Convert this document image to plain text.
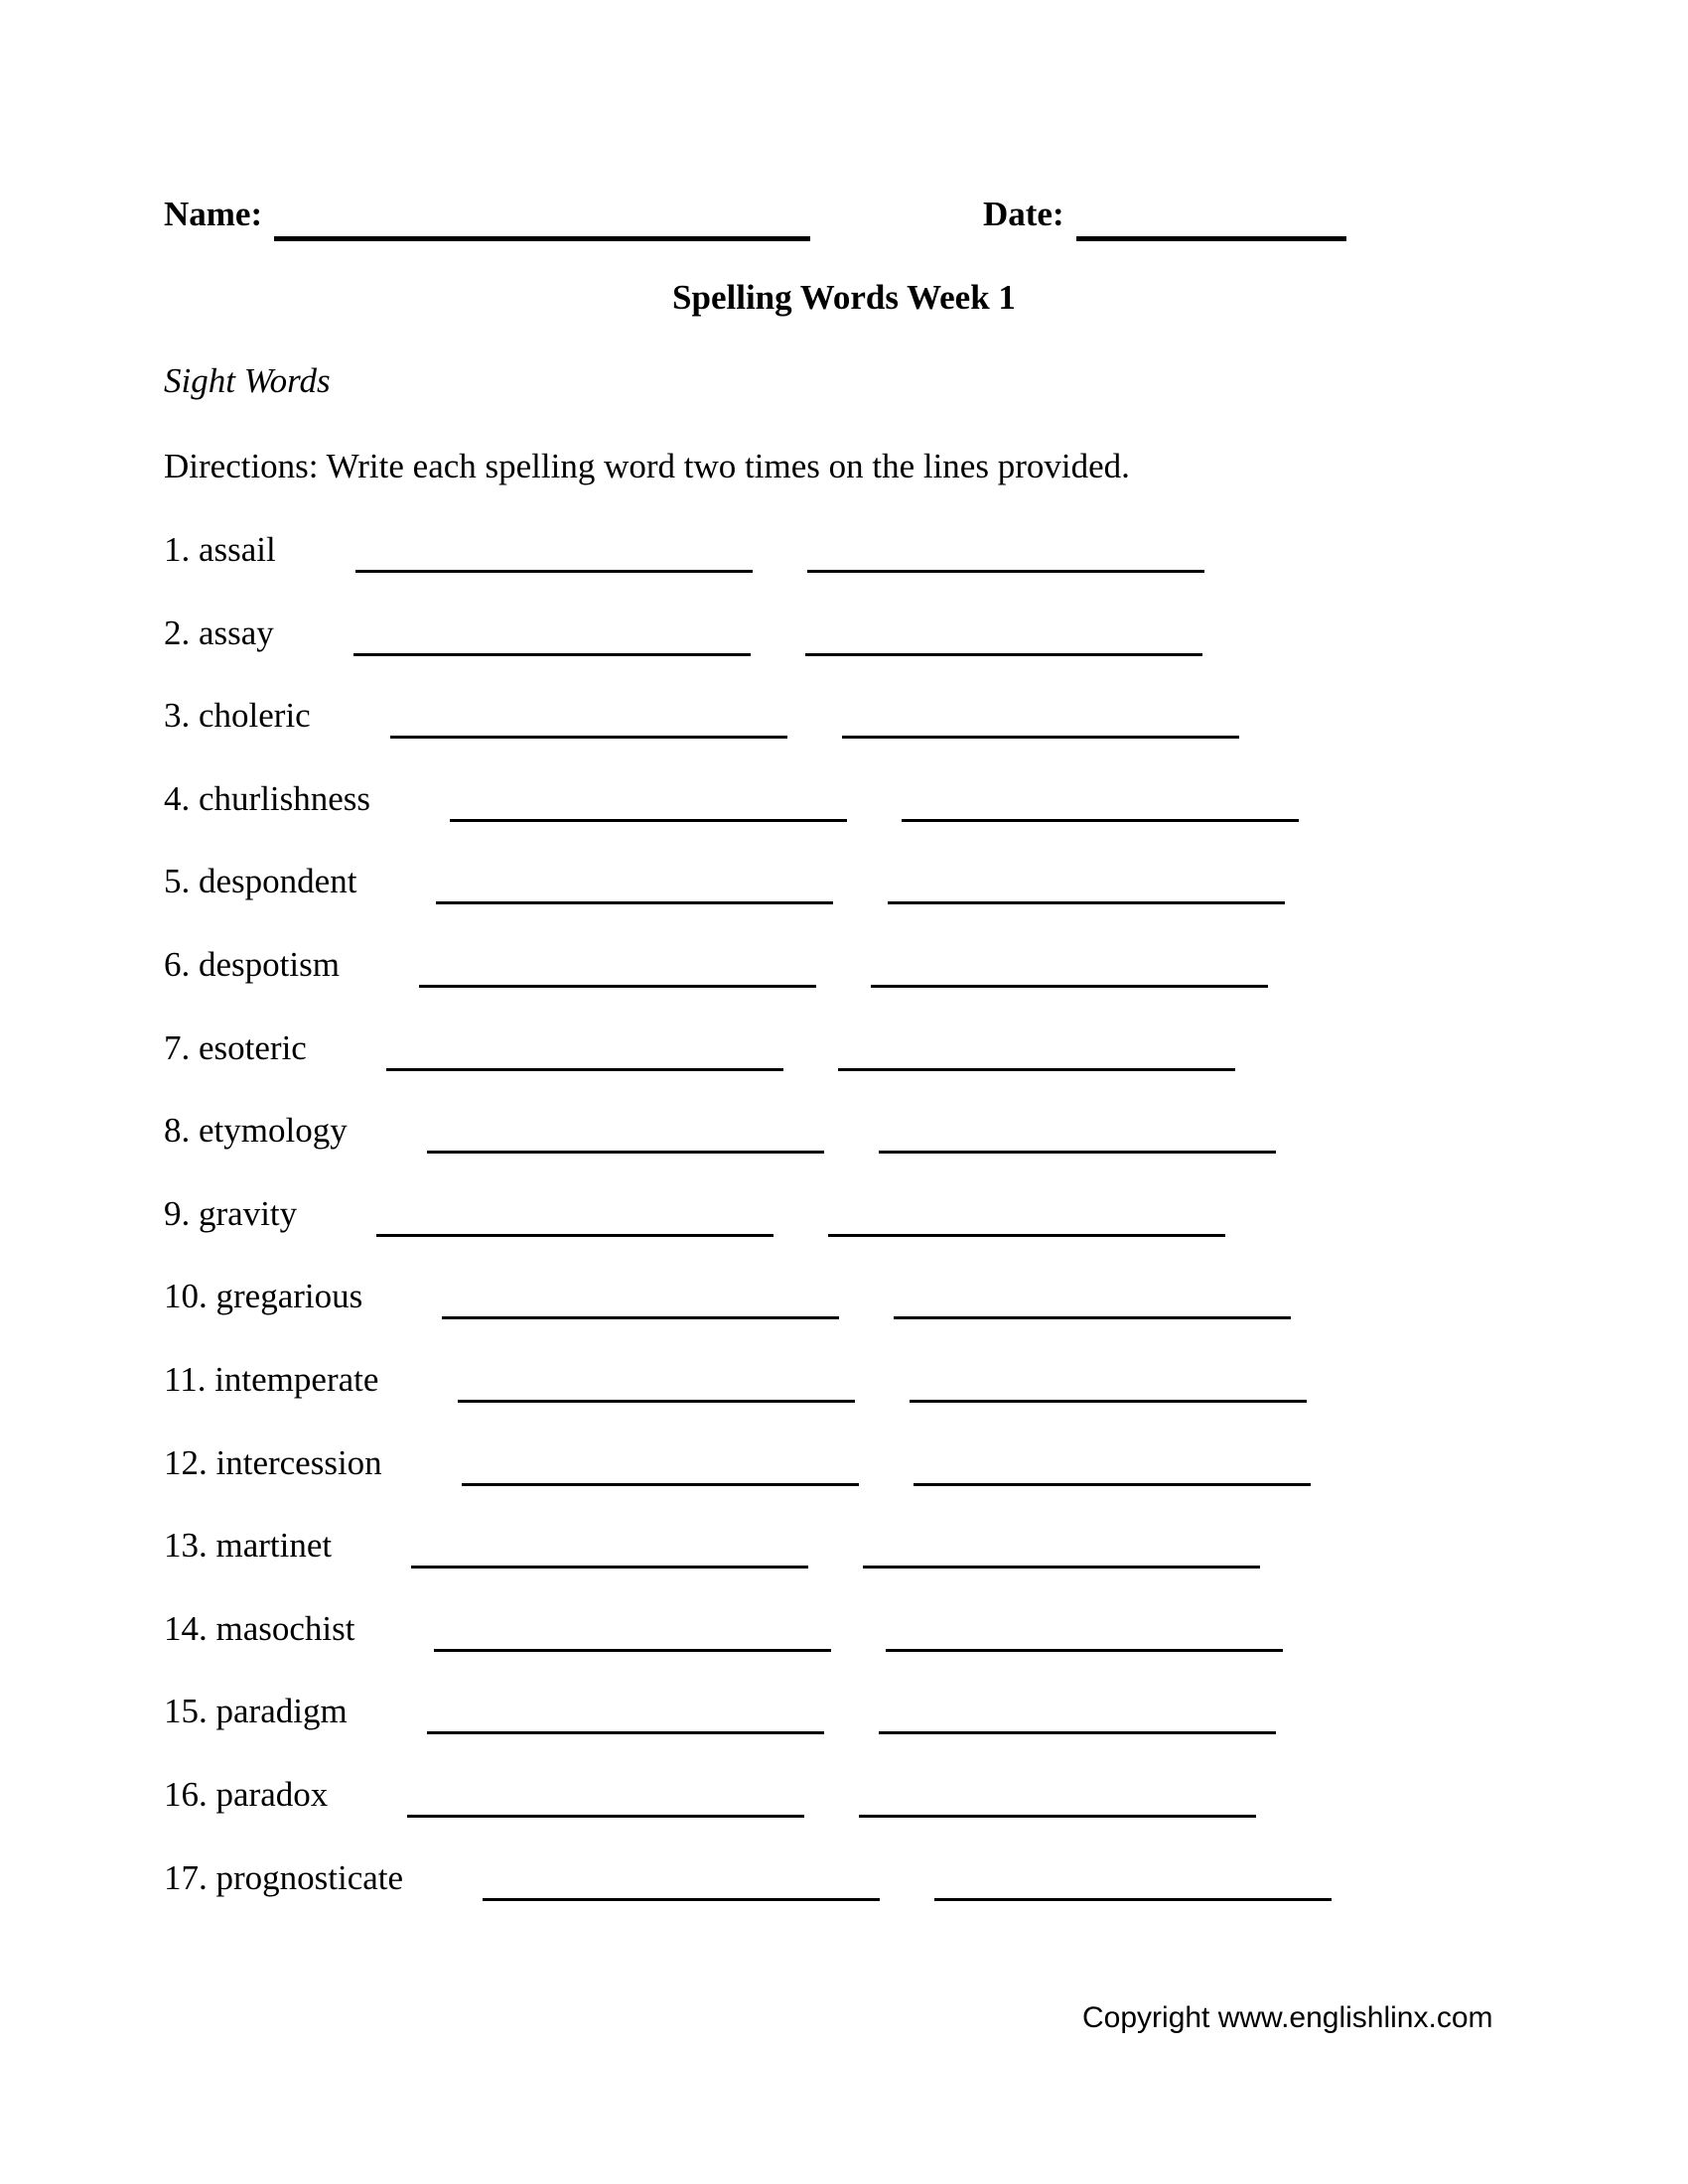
Name:	Date:
Spelling Words Week 1
Sight Words
Directions: Write each spelling word two times on the lines provided.
1. assail
2. assay
3. choleric
4. churlishness
5. despondent
6. despotism
7. esoteric
8. etymology
9. gravity
10. gregarious
11. intemperate
12. intercession
13. martinet
14. masochist
15. paradigm
16. paradox
17. prognosticate
Copyright www.englishlinx.com
